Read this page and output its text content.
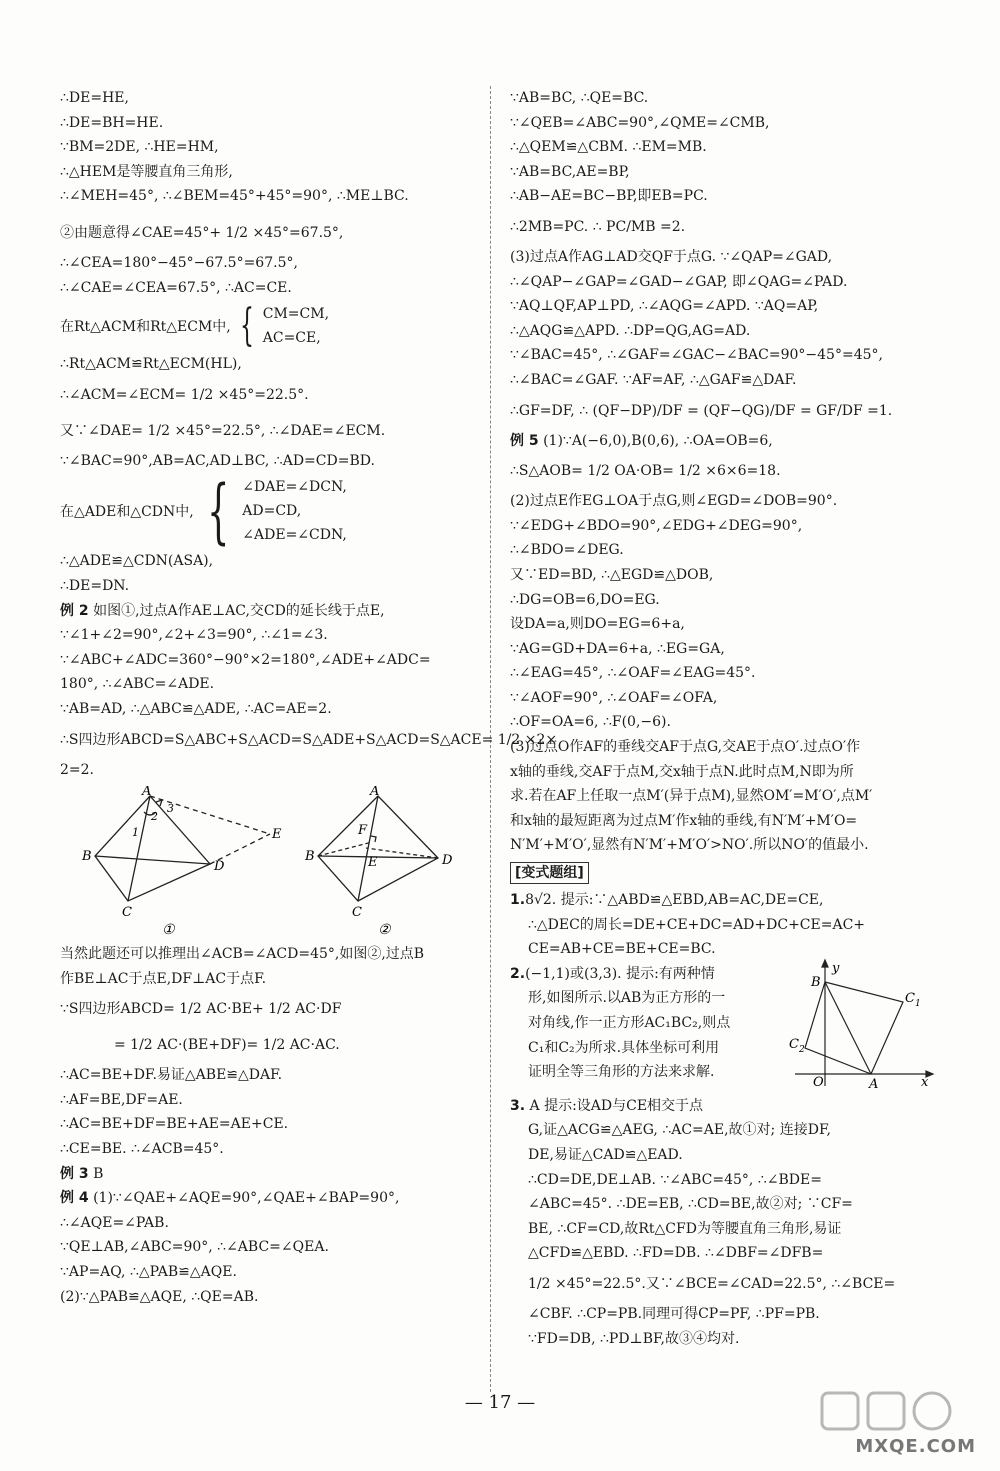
∴DE=HE,
∴DE=BH=HE.
∵BM=2DE, ∴HE=HM,
∴△HEM是等腰直角三角形,
∴∠MEH=45°, ∴∠BEM=45°+45°=90°, ∴ME⊥BC.
②由题意得∠CAE=45°+ 1/2 ×45°=67.5°,
∴∠CEA=180°−45°−67.5°=67.5°,
∴∠CAE=∠CEA=67.5°, ∴AC=CE.
在Rt△ACM和Rt△ECM中, { CM=CM,
AC=CE,
∴Rt△ACM≌Rt△ECM(HL),
∴∠ACM=∠ECM= 1/2 ×45°=22.5°.
又∵∠DAE= 1/2 ×45°=22.5°, ∴∠DAE=∠ECM.
∵∠BAC=90°,AB=AC,AD⊥BC, ∴AD=CD=BD.
在△ADE和△CDN中, { ∠DAE=∠DCN,
AD=CD,
∠ADE=∠CDN,
∴△ADE≌△CDN(ASA),
∴DE=DN.
例 2 如图①,过点A作AE⊥AC,交CD的延长线于点E,
∵∠1+∠2=90°,∠2+∠3=90°, ∴∠1=∠3.
∵∠ABC+∠ADC=360°−90°×2=180°,∠ADE+∠ADC=
180°, ∴∠ABC=∠ADE.
∵AB=AD, ∴△ABC≌△ADE, ∴AC=AE=2.
∴S四边形ABCD=S△ABC+S△ACD=S△ADE+S△ACD=S△ACE= 1/2 ×2×
2=2.
A
B
C
D
E
1
2
3
①
A
B
C
D
F
E
②
当然此题还可以推理出∠ACB=∠ACD=45°,如图②,过点B
作BE⊥AC于点E,DF⊥AC于点F.
∵S四边形ABCD= 1/2 AC·BE+ 1/2 AC·DF
= 1/2 AC·(BE+DF)= 1/2 AC·AC.
∴AC=BE+DF.易证△ABE≌△DAF.
∴AF=BE,DF=AE.
∴AC=BE+DF=BE+AE=AE+CE.
∴CE=BE. ∴∠ACB=45°.
例 3 B
例 4 (1)∵∠QAE+∠AQE=90°,∠QAE+∠BAP=90°,
∴∠AQE=∠PAB.
∵QE⊥AB,∠ABC=90°, ∴∠ABC=∠QEA.
∵AP=AQ, ∴△PAB≌△AQE.
(2)∵△PAB≌△AQE, ∴QE=AB.
∵AB=BC, ∴QE=BC.
∵∠QEB=∠ABC=90°,∠QME=∠CMB,
∴△QEM≌△CBM. ∴EM=MB.
∵AB=BC,AE=BP,
∴AB−AE=BC−BP,即EB=PC.
∴2MB=PC. ∴ PC/MB =2.
(3)过点A作AG⊥AD交QF于点G. ∵∠QAP=∠GAD,
∴∠QAP−∠GAP=∠GAD−∠GAP, 即∠QAG=∠PAD.
∵AQ⊥QF,AP⊥PD, ∴∠AQG=∠APD. ∵AQ=AP,
∴△AQG≌△APD. ∴DP=QG,AG=AD.
∵∠BAC=45°, ∴∠GAF=∠GAC−∠BAC=90°−45°=45°,
∴∠BAC=∠GAF. ∵AF=AF, ∴△GAF≌△DAF.
∴GF=DF, ∴ (QF−DP)/DF = (QF−QG)/DF = GF/DF =1.
例 5 (1)∵A(−6,0),B(0,6), ∴OA=OB=6,
∴S△AOB= 1/2 OA·OB= 1/2 ×6×6=18.
(2)过点E作EG⊥OA于点G,则∠EGD=∠DOB=90°.
∵∠EDG+∠BDO=90°,∠EDG+∠DEG=90°,
∴∠BDO=∠DEG.
又∵ED=BD, ∴△EGD≌△DOB,
∴DG=OB=6,DO=EG.
设DA=a,则DO=EG=6+a,
∵AG=GD+DA=6+a, ∴EG=GA,
∴∠EAG=45°, ∴∠OAF=∠EAG=45°.
∵∠AOF=90°, ∴∠OAF=∠OFA,
∴OF=OA=6, ∴F(0,−6).
(3)过点O作AF的垂线交AF于点G,交AE于点O′.过点O′作
x轴的垂线,交AF于点M,交x轴于点N.此时点M,N即为所
求.若在AF上任取一点M′(异于点M),显然OM′=M′O′,点M′
和x轴的最短距离为过点M′作x轴的垂线,有N′M′+M′O=
N′M′+M′O′,显然有N′M′+M′O′>NO′.所以NO′的值最小.
[变式题组]
1.8√2. 提示:∵△ABD≌△EBD,AB=AC,DE=CE,
∴△DEC的周长=DE+CE+DC=AD+DC+CE=AC+
CE=AB+CE=BE+CE=BC.
2.(−1,1)或(3,3). 提示:有两种情
形,如图所示.以AB为正方形的一
对角线,作一正方形AC₁BC₂,则点
C₁和C₂为所求.具体坐标可利用
证明全等三角形的方法来求解.
y
B
C 1
C 2
O	A	x
3. A 提示:设AD与CE相交于点
G,证△ACG≌△AEG, ∴AC=AE,故①对; 连接DF,
DE,易证△CAD≌△EAD.
∴CD=DE,DE⊥AB. ∵∠ABC=45°, ∴∠BDE=
∠ABC=45°. ∴DE=EB, ∴CD=BE,故②对; ∵CF=
BE, ∴CF=CD,故Rt△CFD为等腰直角三角形,易证
△CFD≌△EBD. ∴FD=DB. ∴∠DBF=∠DFB=
1/2 ×45°=22.5°.又∵∠BCE=∠CAD=22.5°, ∴∠BCE=
∠CBF. ∴CP=PB.同理可得CP=PF, ∴PF=PB.
∵FD=DB, ∴PD⊥BF,故③④均对.
— 17 —
MXQE.COM
